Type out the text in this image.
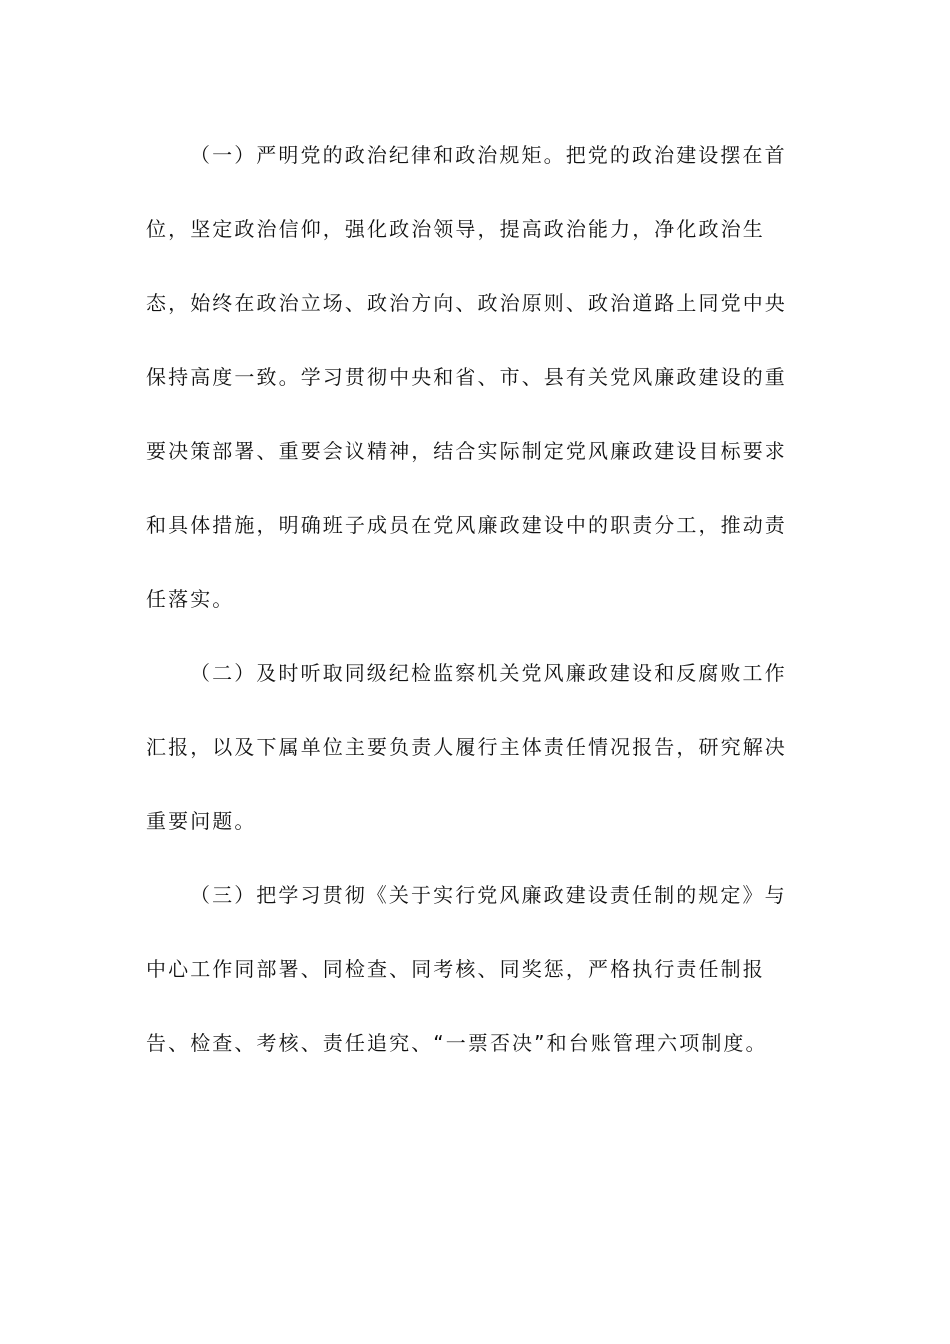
（一）严明党的政治纪律和政治规矩。把党的政治建设摆在首
位，坚定政治信仰，强化政治领导，提高政治能力，净化政治生
态，始终在政治立场、政治方向、政治原则、政治道路上同党中央
保持高度一致。学习贯彻中央和省、市、县有关党风廉政建设的重
要决策部署、重要会议精神，结合实际制定党风廉政建设目标要求
和具体措施，明确班子成员在党风廉政建设中的职责分工，推动责
任落实。
（二）及时听取同级纪检监察机关党风廉政建设和反腐败工作
汇报，以及下属单位主要负责人履行主体责任情况报告，研究解决
重要问题。
（三）把学习贯彻《关于实行党风廉政建设责任制的规定》与
中心工作同部署、同检查、同考核、同奖惩，严格执行责任制报
告、检查、考核、责任追究、“一票否决”和台账管理六项制度。
